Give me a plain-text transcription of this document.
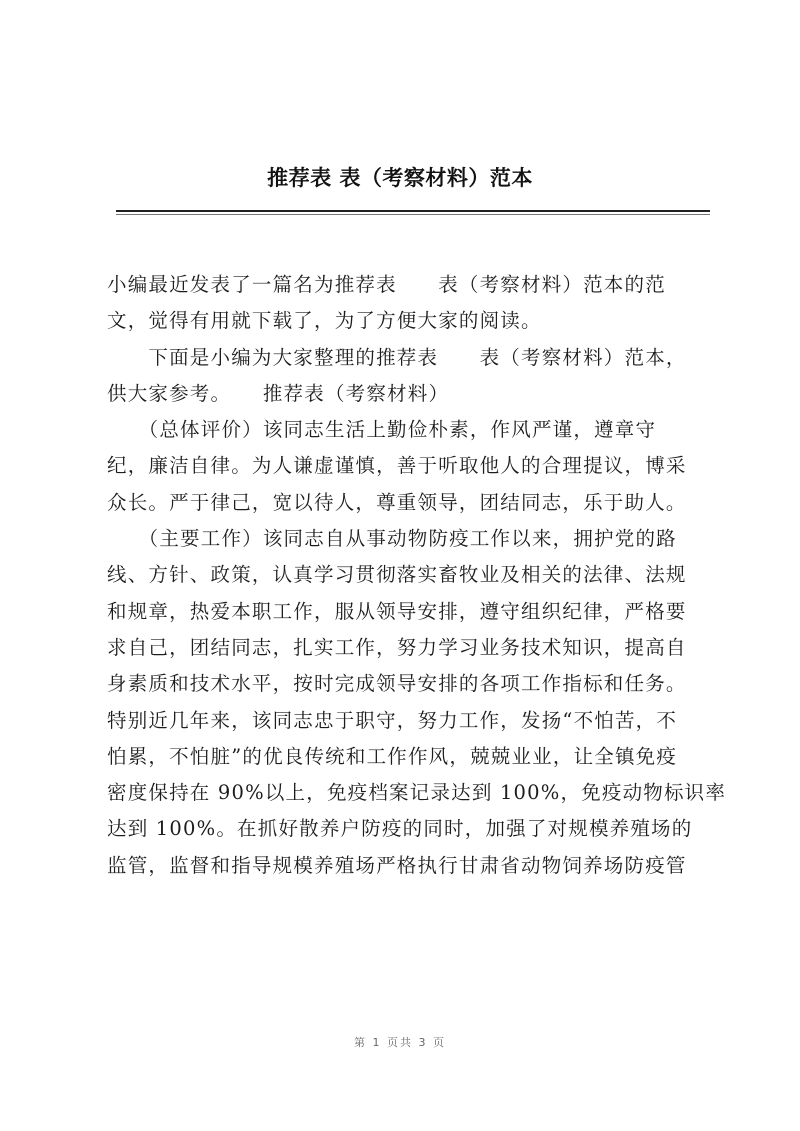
推荐表 表（考察材料）范本
小编最近发表了一篇名为推荐表　　表（考察材料）范本的范
文，觉得有用就下载了，为了方便大家的阅读。
　　下面是小编为大家整理的推荐表　　表（考察材料）范本，
供大家参考。　　推荐表（考察材料）
　　（总体评价）该同志生活上勤俭朴素，作风严谨，遵章守
纪，廉洁自律。为人谦虚谨慎，善于听取他人的合理提议，博采
众长。严于律己，宽以待人，尊重领导，团结同志，乐于助人。
　　（主要工作）该同志自从事动物防疫工作以来，拥护党的路
线、方针、政策，认真学习贯彻落实畜牧业及相关的法律、法规
和规章，热爱本职工作，服从领导安排，遵守组织纪律，严格要
求自己，团结同志，扎实工作，努力学习业务技术知识，提高自
身素质和技术水平，按时完成领导安排的各项工作指标和任务。
特别近几年来，该同志忠于职守，努力工作，发扬“不怕苦，不
怕累，不怕脏”的优良传统和工作作风，兢兢业业，让全镇免疫
密度保持在 90%以上，免疫档案记录达到 100%，免疫动物标识率
达到 100%。在抓好散养户防疫的同时，加强了对规模养殖场的
监管，监督和指导规模养殖场严格执行甘肃省动物饲养场防疫管
第 1 页共 3 页
